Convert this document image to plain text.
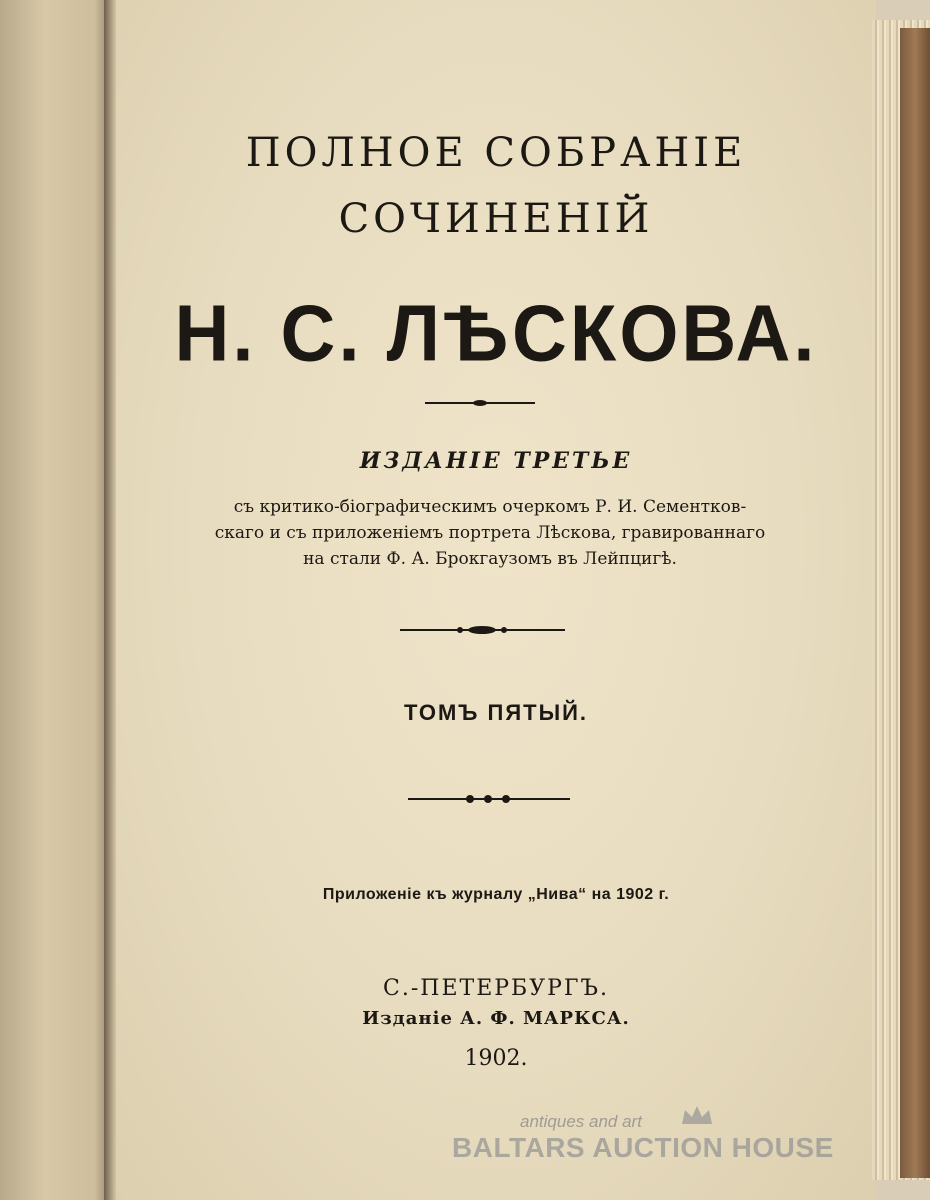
ПОЛНОЕ СОБРАНІЕ
СОЧИНЕНІЙ
Н. С. ЛѢСКОВА.
ИЗДАНІЕ ТРЕТЬЕ
съ критико-біографическимъ очеркомъ Р. И. Сементков-
скаго и съ приложеніемъ портрета Лѣскова, гравированнаго
на стали Ф. А. Брокгаузомъ въ Лейпцигѣ.
ТОМЪ ПЯТЫЙ.
Приложеніе къ журналу „Нива“ на 1902 г.
С.-ПЕТЕРБУРГЪ.
Изданіе А. Ф. МАРКСА.
1902.
antiques and art
BALTARS AUCTION HOUSE
